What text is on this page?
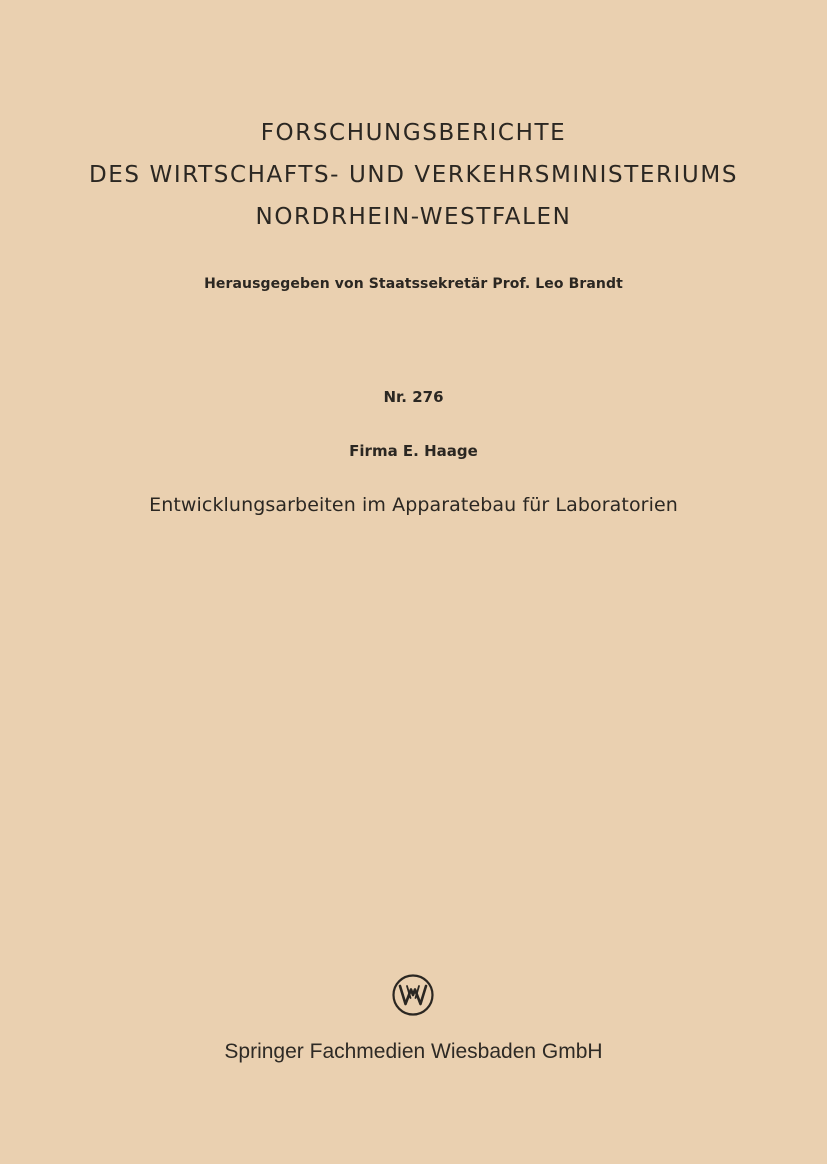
FORSCHUNGSBERICHTE
DES WIRTSCHAFTS- UND VERKEHRSMINISTERIUMS
NORDRHEIN-WESTFALEN
Herausgegeben von Staatssekretär Prof. Leo Brandt
Nr. 276
Firma E. Haage
Entwicklungsarbeiten im Apparatebau für Laboratorien
Springer Fachmedien Wiesbaden GmbH
